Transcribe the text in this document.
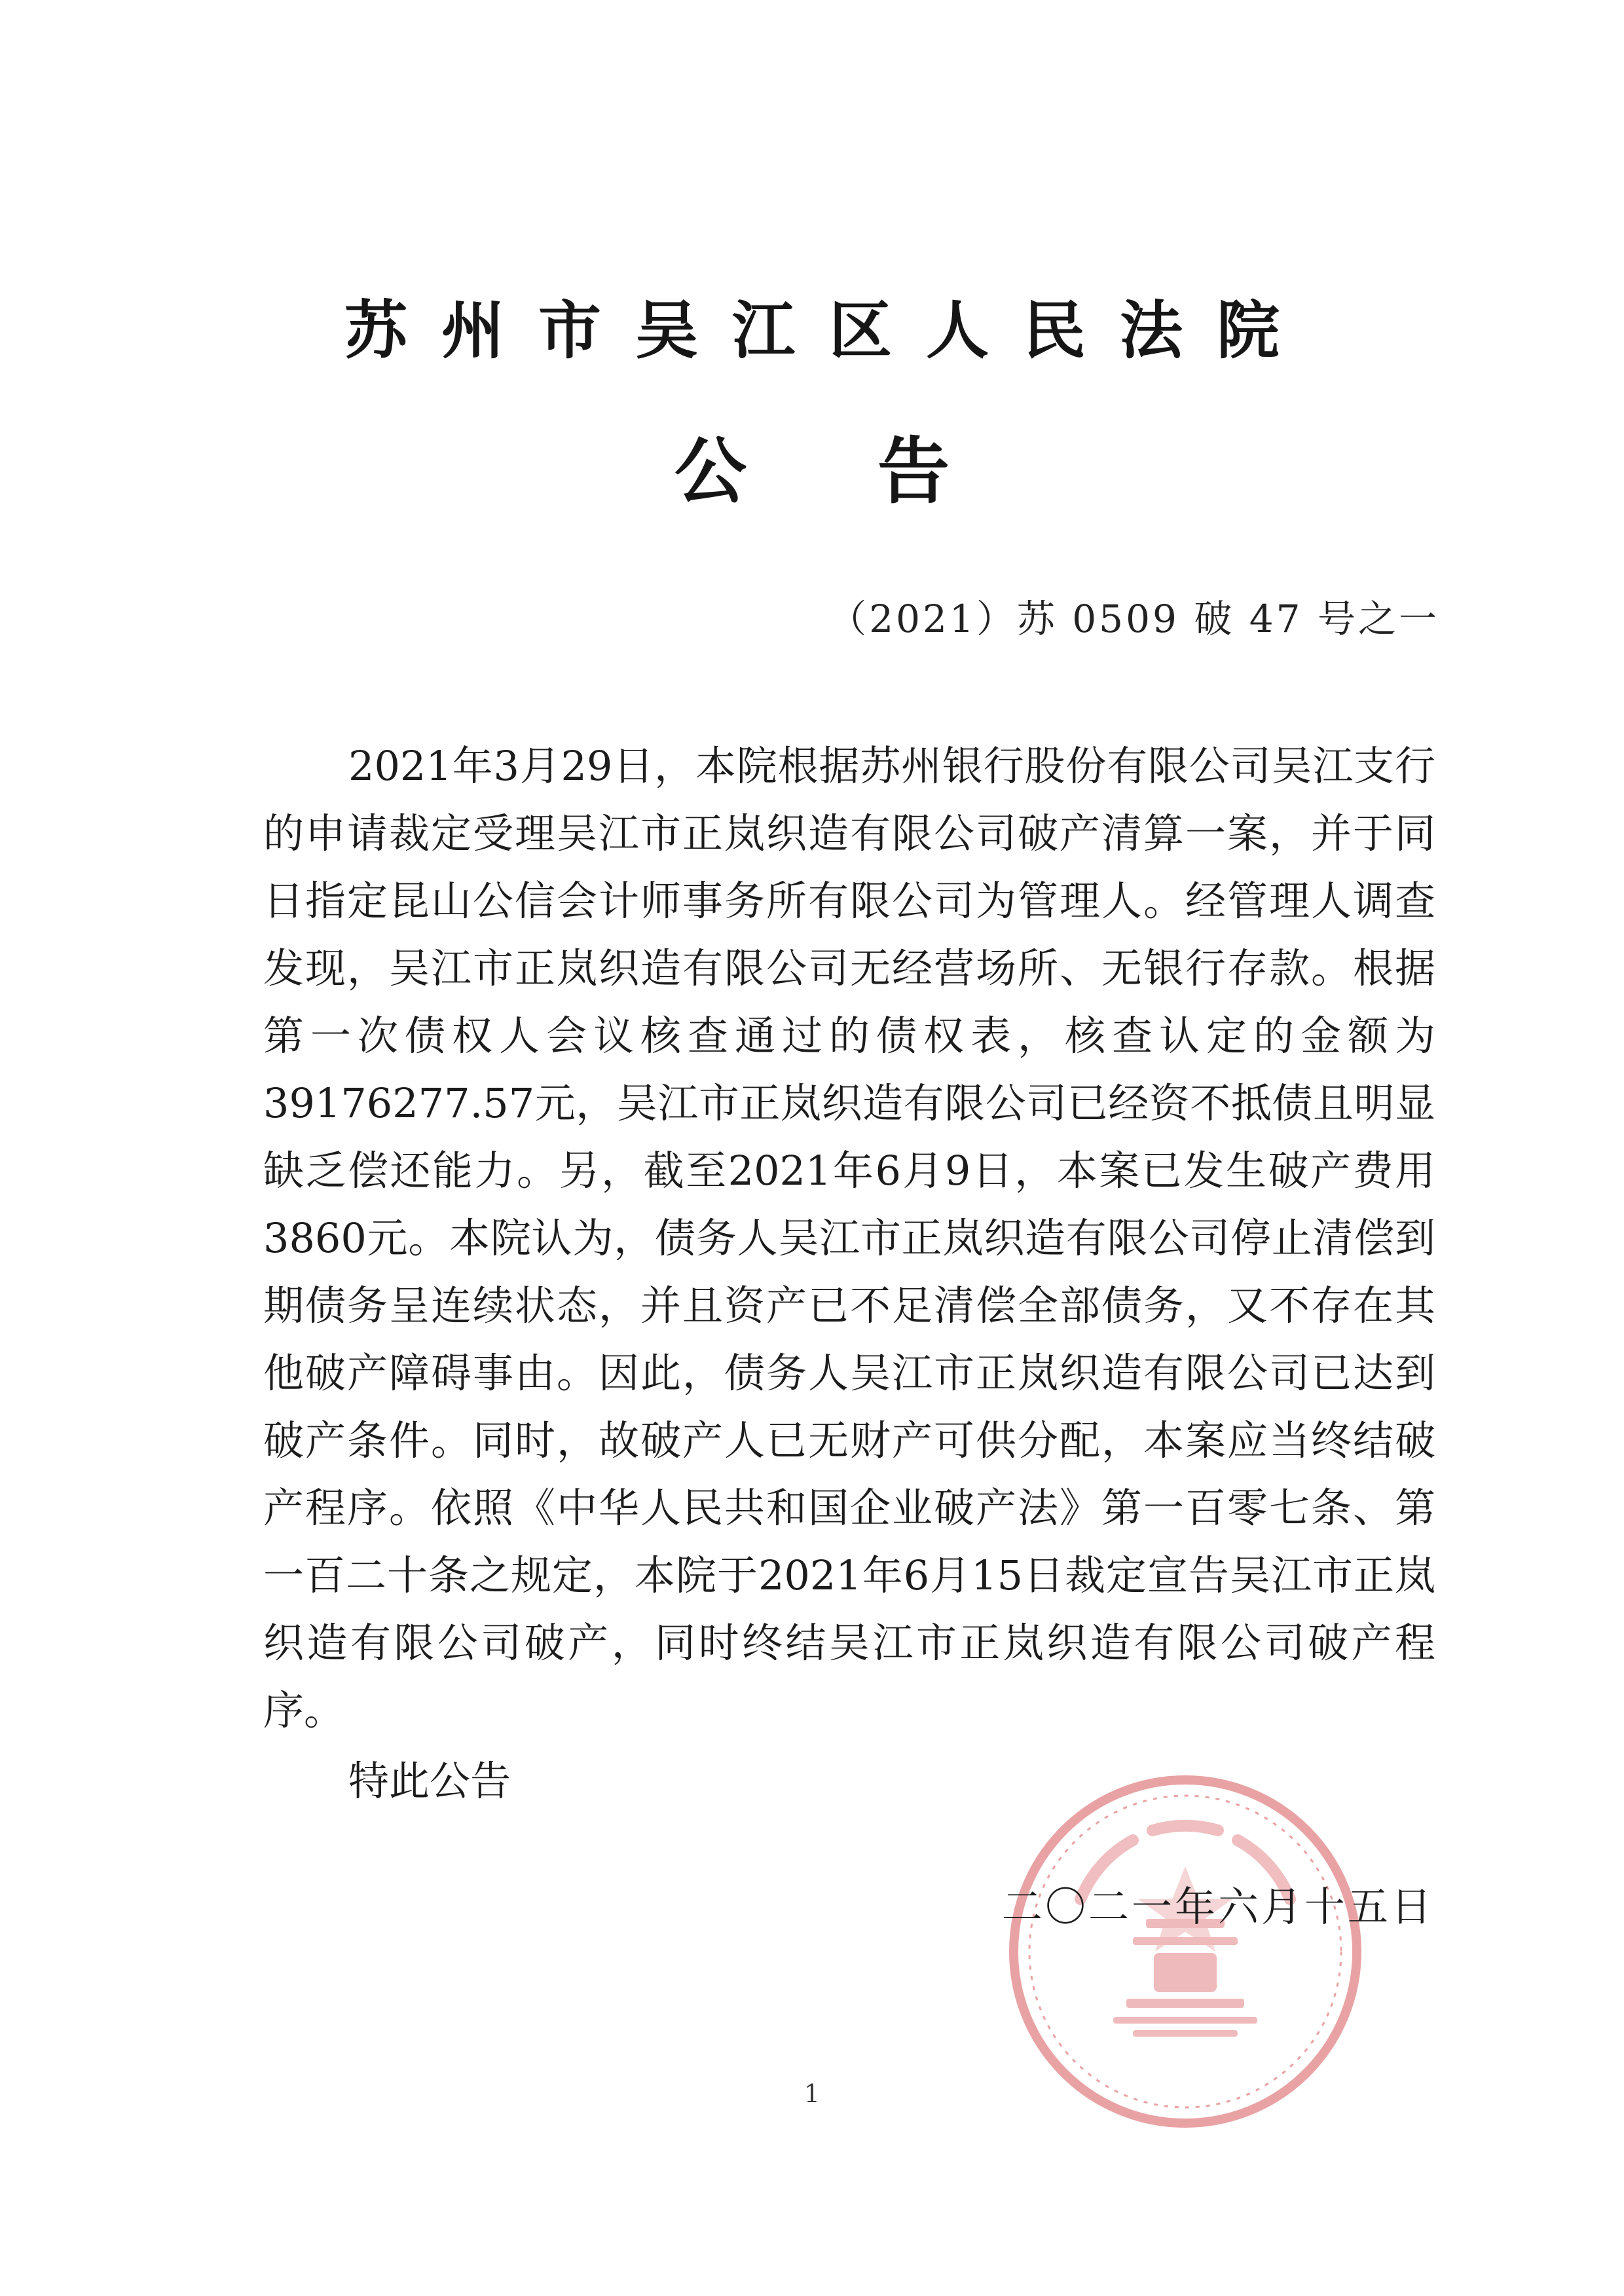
苏州市吴江区人民法院
公告
（2021）苏 0509 破 47 号之一

2021年3月29日，本院根据苏州银行股份有限公司吴江支行的申请裁定受理吴江市正岚织造有限公司破产清算一案，并于同日指定昆山公信会计师事务所有限公司为管理人。经管理人调查发现，吴江市正岚织造有限公司无经营场所、无银行存款。根据第一次债权人会议核查通过的债权表，核查认定的金额为39176277.57元，吴江市正岚织造有限公司已经资不抵债且明显缺乏偿还能力。另，截至2021年6月9日，本案已发生破产费用3860元。本院认为，债务人吴江市正岚织造有限公司停止清偿到期债务呈连续状态，并且资产已不足清偿全部债务，又不存在其他破产障碍事由。因此，债务人吴江市正岚织造有限公司已达到破产条件。同时，故破产人已无财产可供分配，本案应当终结破产程序。依照《中华人民共和国企业破产法》第一百零七条、第一百二十条之规定，本院于2021年6月15日裁定宣告吴江市正岚织造有限公司破产，同时终结吴江市正岚织造有限公司破产程序。

特此公告
二〇二一年六月十五日
1
